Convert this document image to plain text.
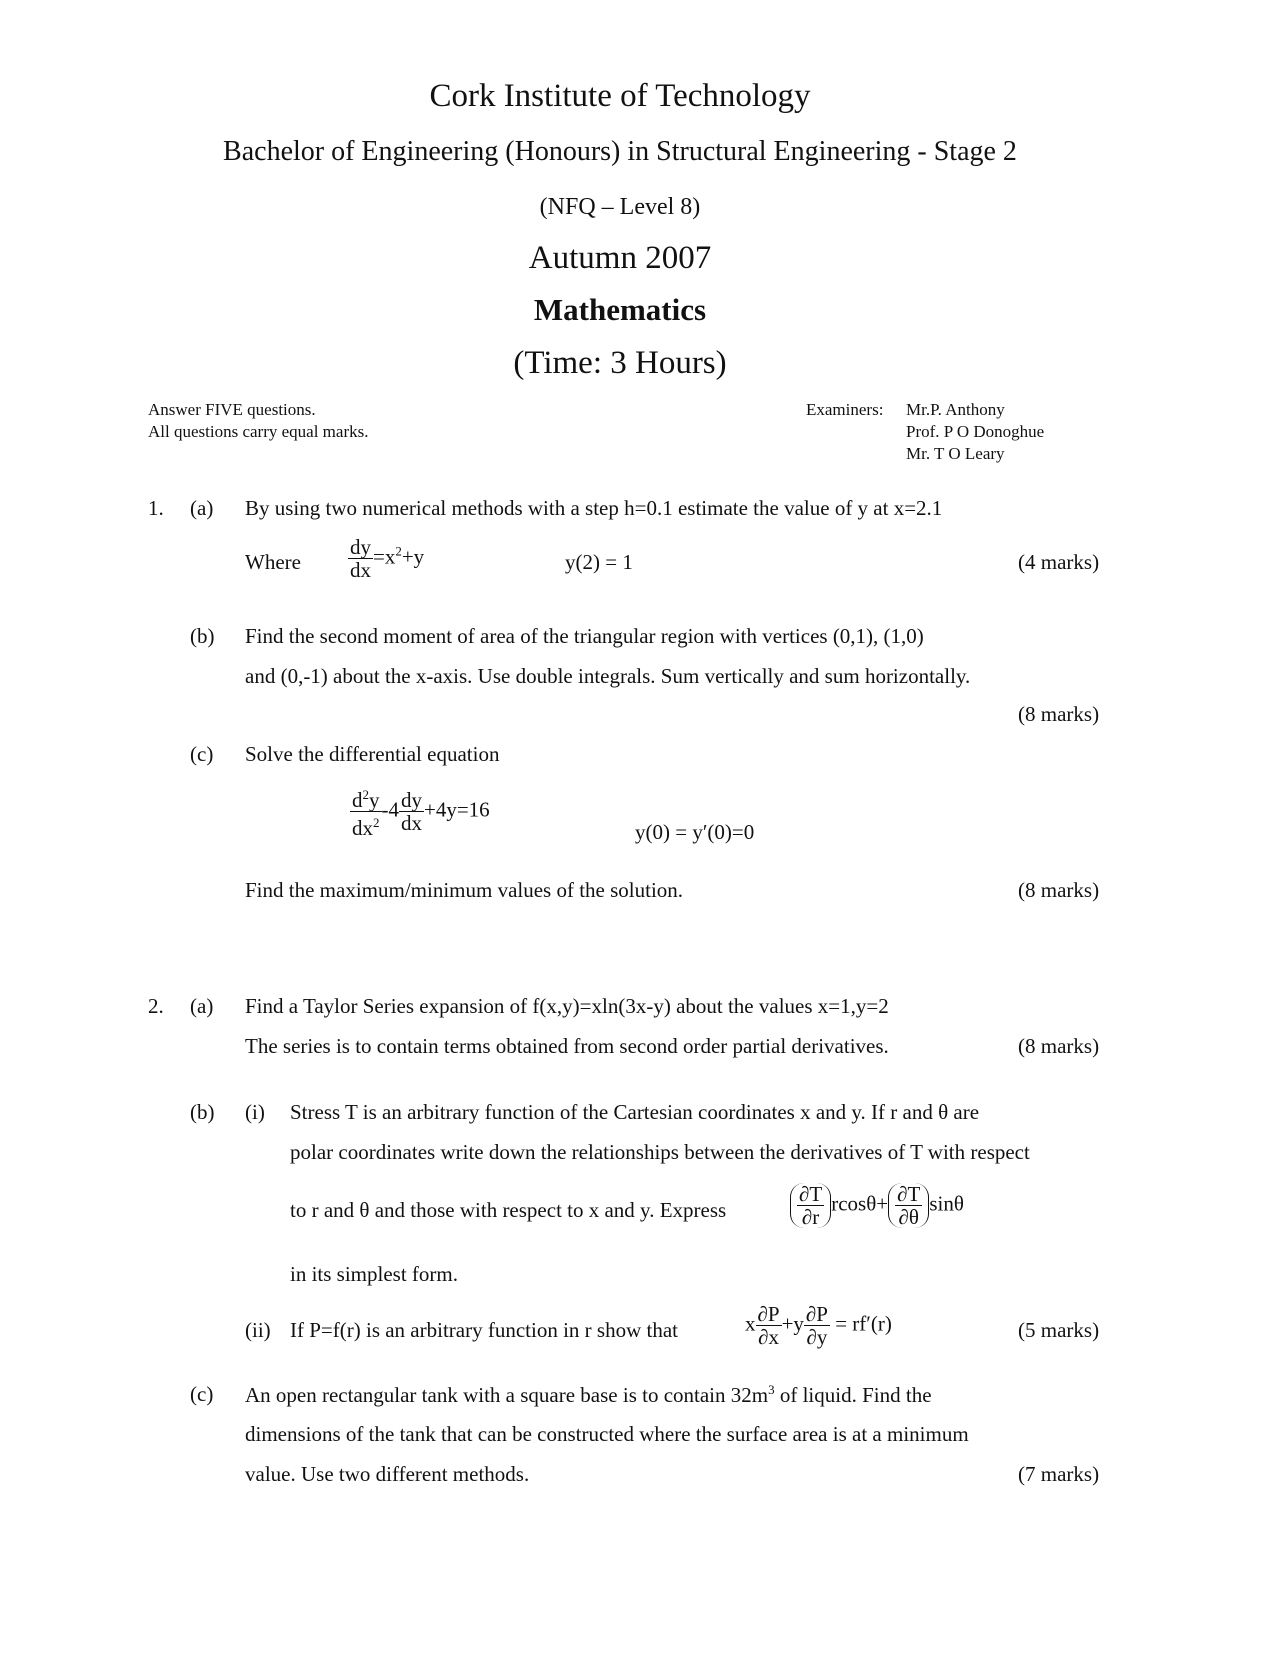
Cork Institute of Technology
Bachelor of Engineering (Honours) in Structural Engineering - Stage 2
(NFQ – Level 8)
Autumn 2007
Mathematics
(Time: 3 Hours)
Answer FIVE questions.
All questions carry equal marks.
Examiners: Mr.P. Anthony
Prof. P O Donoghue
Mr. T O Leary
1. (a) By using two numerical methods with a step h=0.1 estimate the value of y at x=2.1
Where $\frac{dy}{dx} =x^2+y$	y(2) = 1	(4 marks)
(b) Find the second moment of area of the triangular region with vertices (0,1), (1,0)
and (0,-1) about the x-axis. Use double integrals. Sum vertically and sum horizontally.
(8 marks)
(c) Solve the differential equation
$\frac{d^2y}{dx^2} -4 \frac{dy}{dx} +4y=16$
y(0) = y′(0)=0
Find the maximum/minimum values of the solution.	(8 marks)
2. (a) Find a Taylor Series expansion of f(x,y)=xln(3x-y) about the values x=1,y=2
The series is to contain terms obtained from second order partial derivatives.	(8 marks)
(b) (i) Stress T is an arbitrary function of the Cartesian coordinates x and y. If r and θ are
polar coordinates write down the relationships between the derivatives of T with respect
to r and θ and those with respect to x and y. Express	$\frac{\partial T}{\partial r} rcos\theta+ \frac{\partial T}{\partial\theta}$ sinθ
in its simplest form.
(ii) If P=f(r) is an arbitrary function in r show that	x $\frac{\partial P}{\partial x} +y \frac{\partial P}{\partial y} = rf'(r)$	(5 marks)
(c) An open rectangular tank with a square base is to contain $32m^3$ of liquid. Find the
dimensions of the tank that can be constructed where the surface area is at a minimum
value. Use two different methods.	(7 marks)
